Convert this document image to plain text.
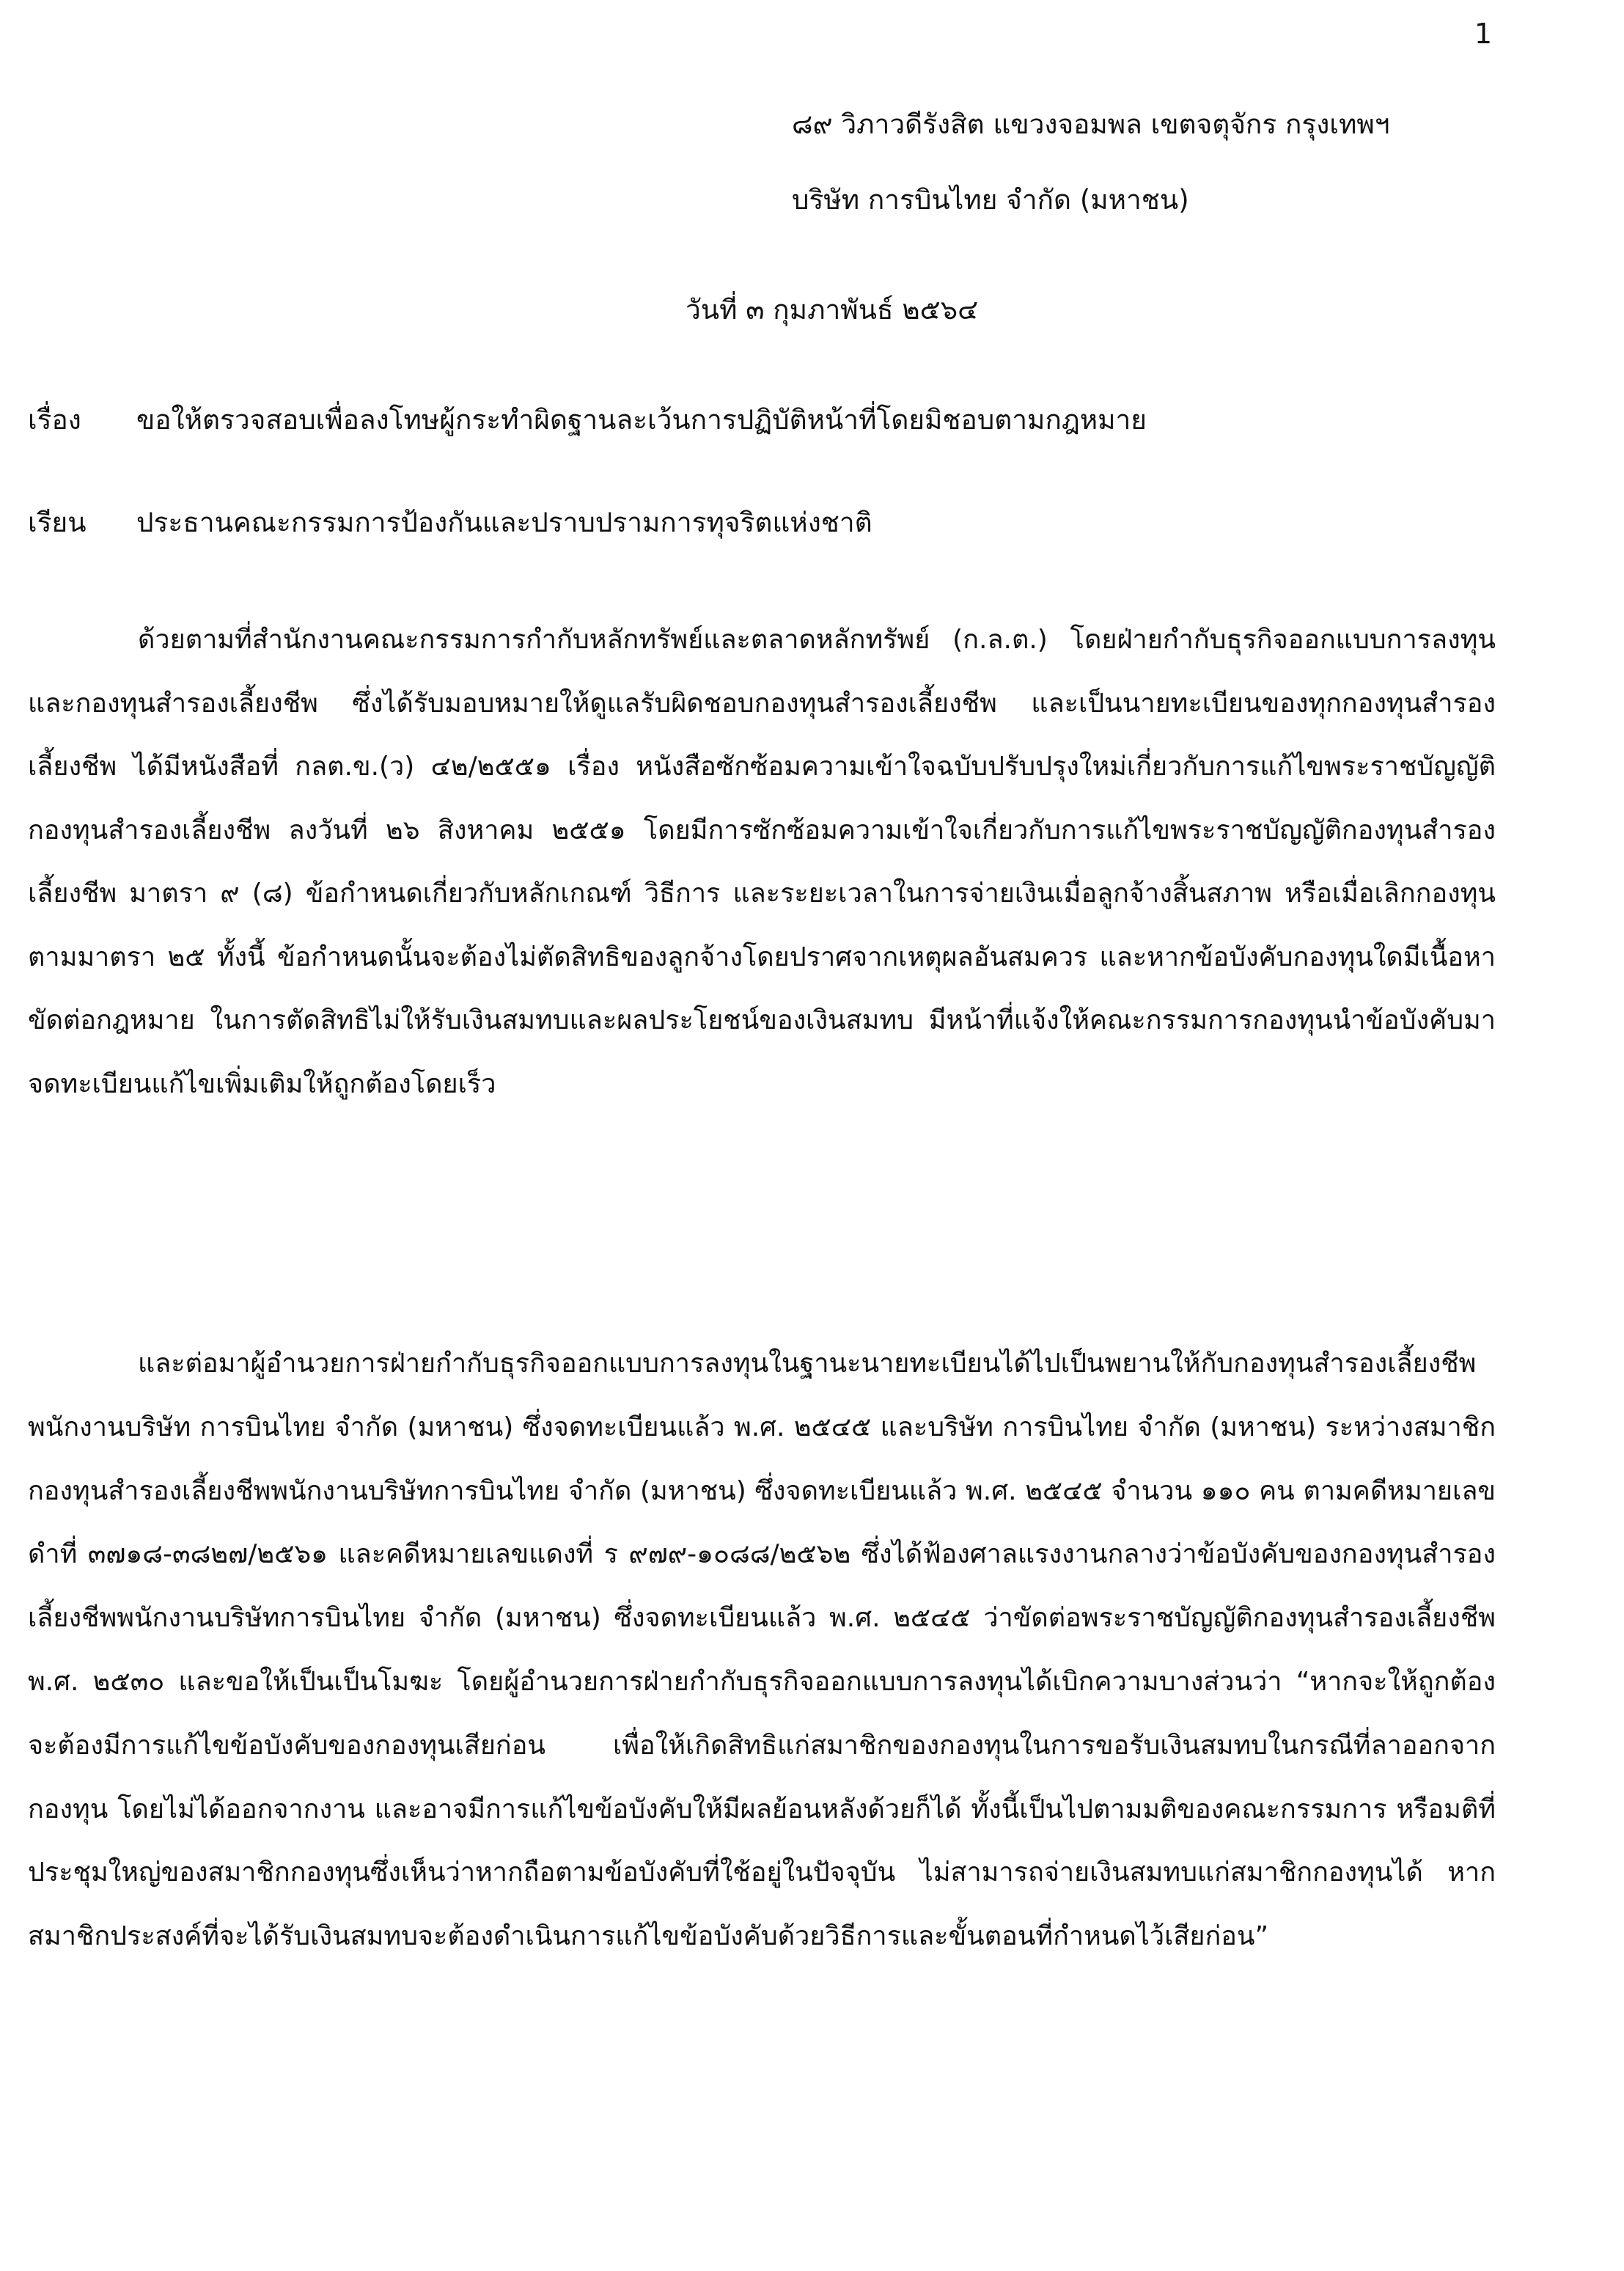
1
๘๙ วิภาวดีรังสิต แขวงจอมพล เขตจตุจักร กรุงเทพฯ
บริษัท การบินไทย จำกัด (มหาชน)
วันที่ ๓ กุมภาพันธ์ ๒๕๖๔
เรื่อง ขอให้ตรวจสอบเพื่อลงโทษผู้กระทำผิดฐานละเว้นการปฏิบัติหน้าที่โดยมิชอบตามกฎหมาย
เรียน ประธานคณะกรรมการป้องกันและปราบปรามการทุจริตแห่งชาติ

ด้วยตามที่สำนักงานคณะกรรมการกำกับหลักทรัพย์และตลาดหลักทรัพย์ (ก.ล.ต.) โดยฝ่ายกำกับธุรกิจออกแบบการลงทุนและกองทุนสำรองเลี้ยงชีพ ซึ่งได้รับมอบหมายให้ดูแลรับผิดชอบกองทุนสำรองเลี้ยงชีพ และเป็นนายทะเบียนของทุกกองทุนสำรองเลี้ยงชีพ ได้มีหนังสือที่ กลต.ข.(ว) ๔๒/๒๕๕๑ เรื่อง หนังสือซักซ้อมความเข้าใจฉบับปรับปรุงใหม่เกี่ยวกับการแก้ไขพระราชบัญญัติกองทุนสำรองเลี้ยงชีพ ลงวันที่ ๒๖ สิงหาคม ๒๕๕๑ โดยมีการซักซ้อมความเข้าใจเกี่ยวกับการแก้ไขพระราชบัญญัติกองทุนสำรองเลี้ยงชีพ มาตรา ๙ (๘) ข้อกำหนดเกี่ยวกับหลักเกณฑ์ วิธีการ และระยะเวลาในการจ่ายเงินเมื่อลูกจ้างสิ้นสภาพ หรือเมื่อเลิกกองทุนตามมาตรา ๒๕ ทั้งนี้ ข้อกำหนดนั้นจะต้องไม่ตัดสิทธิของลูกจ้างโดยปราศจากเหตุผลอันสมควร และหากข้อบังคับกองทุนใดมีเนื้อหาขัดต่อกฎหมาย ในการตัดสิทธิไม่ให้รับเงินสมทบและผลประโยชน์ของเงินสมทบ มีหน้าที่แจ้งให้คณะกรรมการกองทุนนำข้อบังคับมาจดทะเบียนแก้ไขเพิ่มเติมให้ถูกต้องโดยเร็ว

และต่อมาผู้อำนวยการฝ่ายกำกับธุรกิจออกแบบการลงทุนในฐานะนายทะเบียนได้ไปเป็นพยานให้กับกองทุนสำรองเลี้ยงชีพพนักงานบริษัท การบินไทย จำกัด (มหาชน) ซึ่งจดทะเบียนแล้ว พ.ศ. ๒๕๔๕ และบริษัท การบินไทย จำกัด (มหาชน) ระหว่างสมาชิกกองทุนสำรองเลี้ยงชีพพนักงานบริษัทการบินไทย จำกัด (มหาชน) ซึ่งจดทะเบียนแล้ว พ.ศ. ๒๕๔๕ จำนวน ๑๑๐ คน ตามคดีหมายเลขดำที่ ๓๗๑๘-๓๘๒๗/๒๕๖๑ และคดีหมายเลขแดงที่ ร ๙๗๙-๑๐๘๘/๒๕๖๒ ซึ่งได้ฟ้องศาลแรงงานกลางว่าข้อบังคับของกองทุนสำรองเลี้ยงชีพพนักงานบริษัทการบินไทย จำกัด (มหาชน) ซึ่งจดทะเบียนแล้ว พ.ศ. ๒๕๔๕ ว่าขัดต่อพระราชบัญญัติกองทุนสำรองเลี้ยงชีพ พ.ศ. ๒๕๓๐ และขอให้เป็นเป็นโมฆะ โดยผู้อำนวยการฝ่ายกำกับธุรกิจออกแบบการลงทุนได้เบิกความบางส่วนว่า “หากจะให้ถูกต้องจะต้องมีการแก้ไขข้อบังคับของกองทุนเสียก่อน เพื่อให้เกิดสิทธิแก่สมาชิกของกองทุนในการขอรับเงินสมทบในกรณีที่ลาออกจากกองทุน โดยไม่ได้ออกจากงาน และอาจมีการแก้ไขข้อบังคับให้มีผลย้อนหลังด้วยก็ได้ ทั้งนี้เป็นไปตามมติของคณะกรรมการ หรือมติที่ประชุมใหญ่ของสมาชิกกองทุนซึ่งเห็นว่าหากถือตามข้อบังคับที่ใช้อยู่ในปัจจุบัน ไม่สามารถจ่ายเงินสมทบแก่สมาชิกกองทุนได้ หากสมาชิกประสงค์ที่จะได้รับเงินสมทบจะต้องดำเนินการแก้ไขข้อบังคับด้วยวิธีการและขั้นตอนที่กำหนดไว้เสียก่อน”
